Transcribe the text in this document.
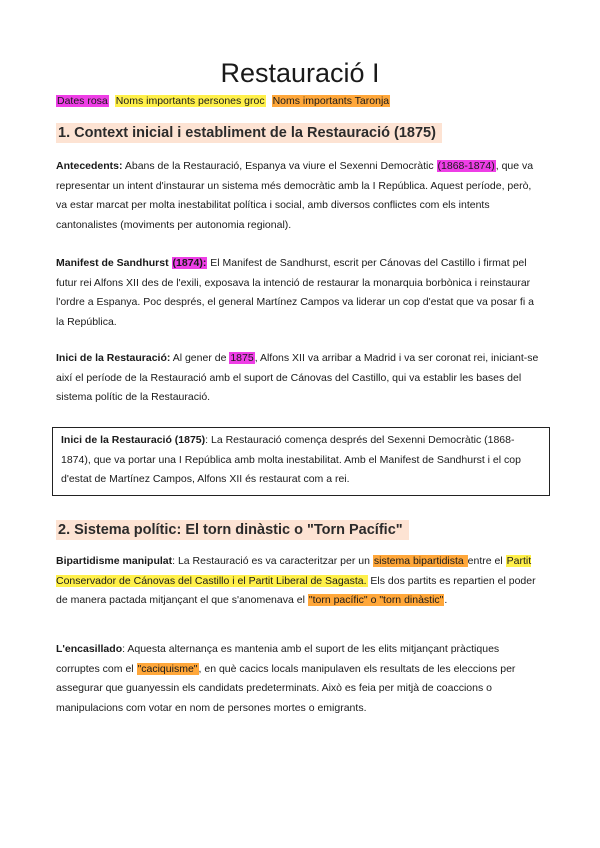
Restauració I
Dates rosa Noms importants persones groc Noms importants Taronja
1. Context inicial i establiment de la Restauració (1875)
Antecedents: Abans de la Restauració, Espanya va viure el Sexenni Democràtic (1868-1874), que va representar un intent d'instaurar un sistema més democràtic amb la I República. Aquest període, però, va estar marcat per molta inestabilitat política i social, amb diversos conflictes com els intents cantonalistes (moviments per autonomia regional).
Manifest de Sandhurst (1874): El Manifest de Sandhurst, escrit per Cánovas del Castillo i firmat pel futur rei Alfons XII des de l'exili, exposava la intenció de restaurar la monarquia borbònica i reinstaurar l'ordre a Espanya. Poc després, el general Martínez Campos va liderar un cop d'estat que va posar fi a la República.
Inici de la Restauració: Al gener de 1875, Alfons XII va arribar a Madrid i va ser coronat rei, iniciant-se així el període de la Restauració amb el suport de Cánovas del Castillo, qui va establir les bases del sistema polític de la Restauració.
Inici de la Restauració (1875): La Restauració comença després del Sexenni Democràtic (1868-1874), que va portar una I República amb molta inestabilitat. Amb el Manifest de Sandhurst i el cop d'estat de Martínez Campos, Alfons XII és restaurat com a rei.
2. Sistema polític: El torn dinàstic o "Torn Pacífic"
Bipartidisme manipulat: La Restauració es va caracteritzar per un sistema bipartidista entre el Partit Conservador de Cánovas del Castillo i el Partit Liberal de Sagasta. Els dos partits es repartien el poder de manera pactada mitjançant el que s'anomenava el "torn pacífic" o "torn dinàstic".
L'encasillado: Aquesta alternança es mantenia amb el suport de les elits mitjançant pràctiques corruptes com el "caciquisme", en què cacics locals manipulaven els resultats de les eleccions per assegurar que guanyessin els candidats predeterminats. Això es feia per mitjà de coaccions o manipulacions com votar en nom de persones mortes o emigrants.
